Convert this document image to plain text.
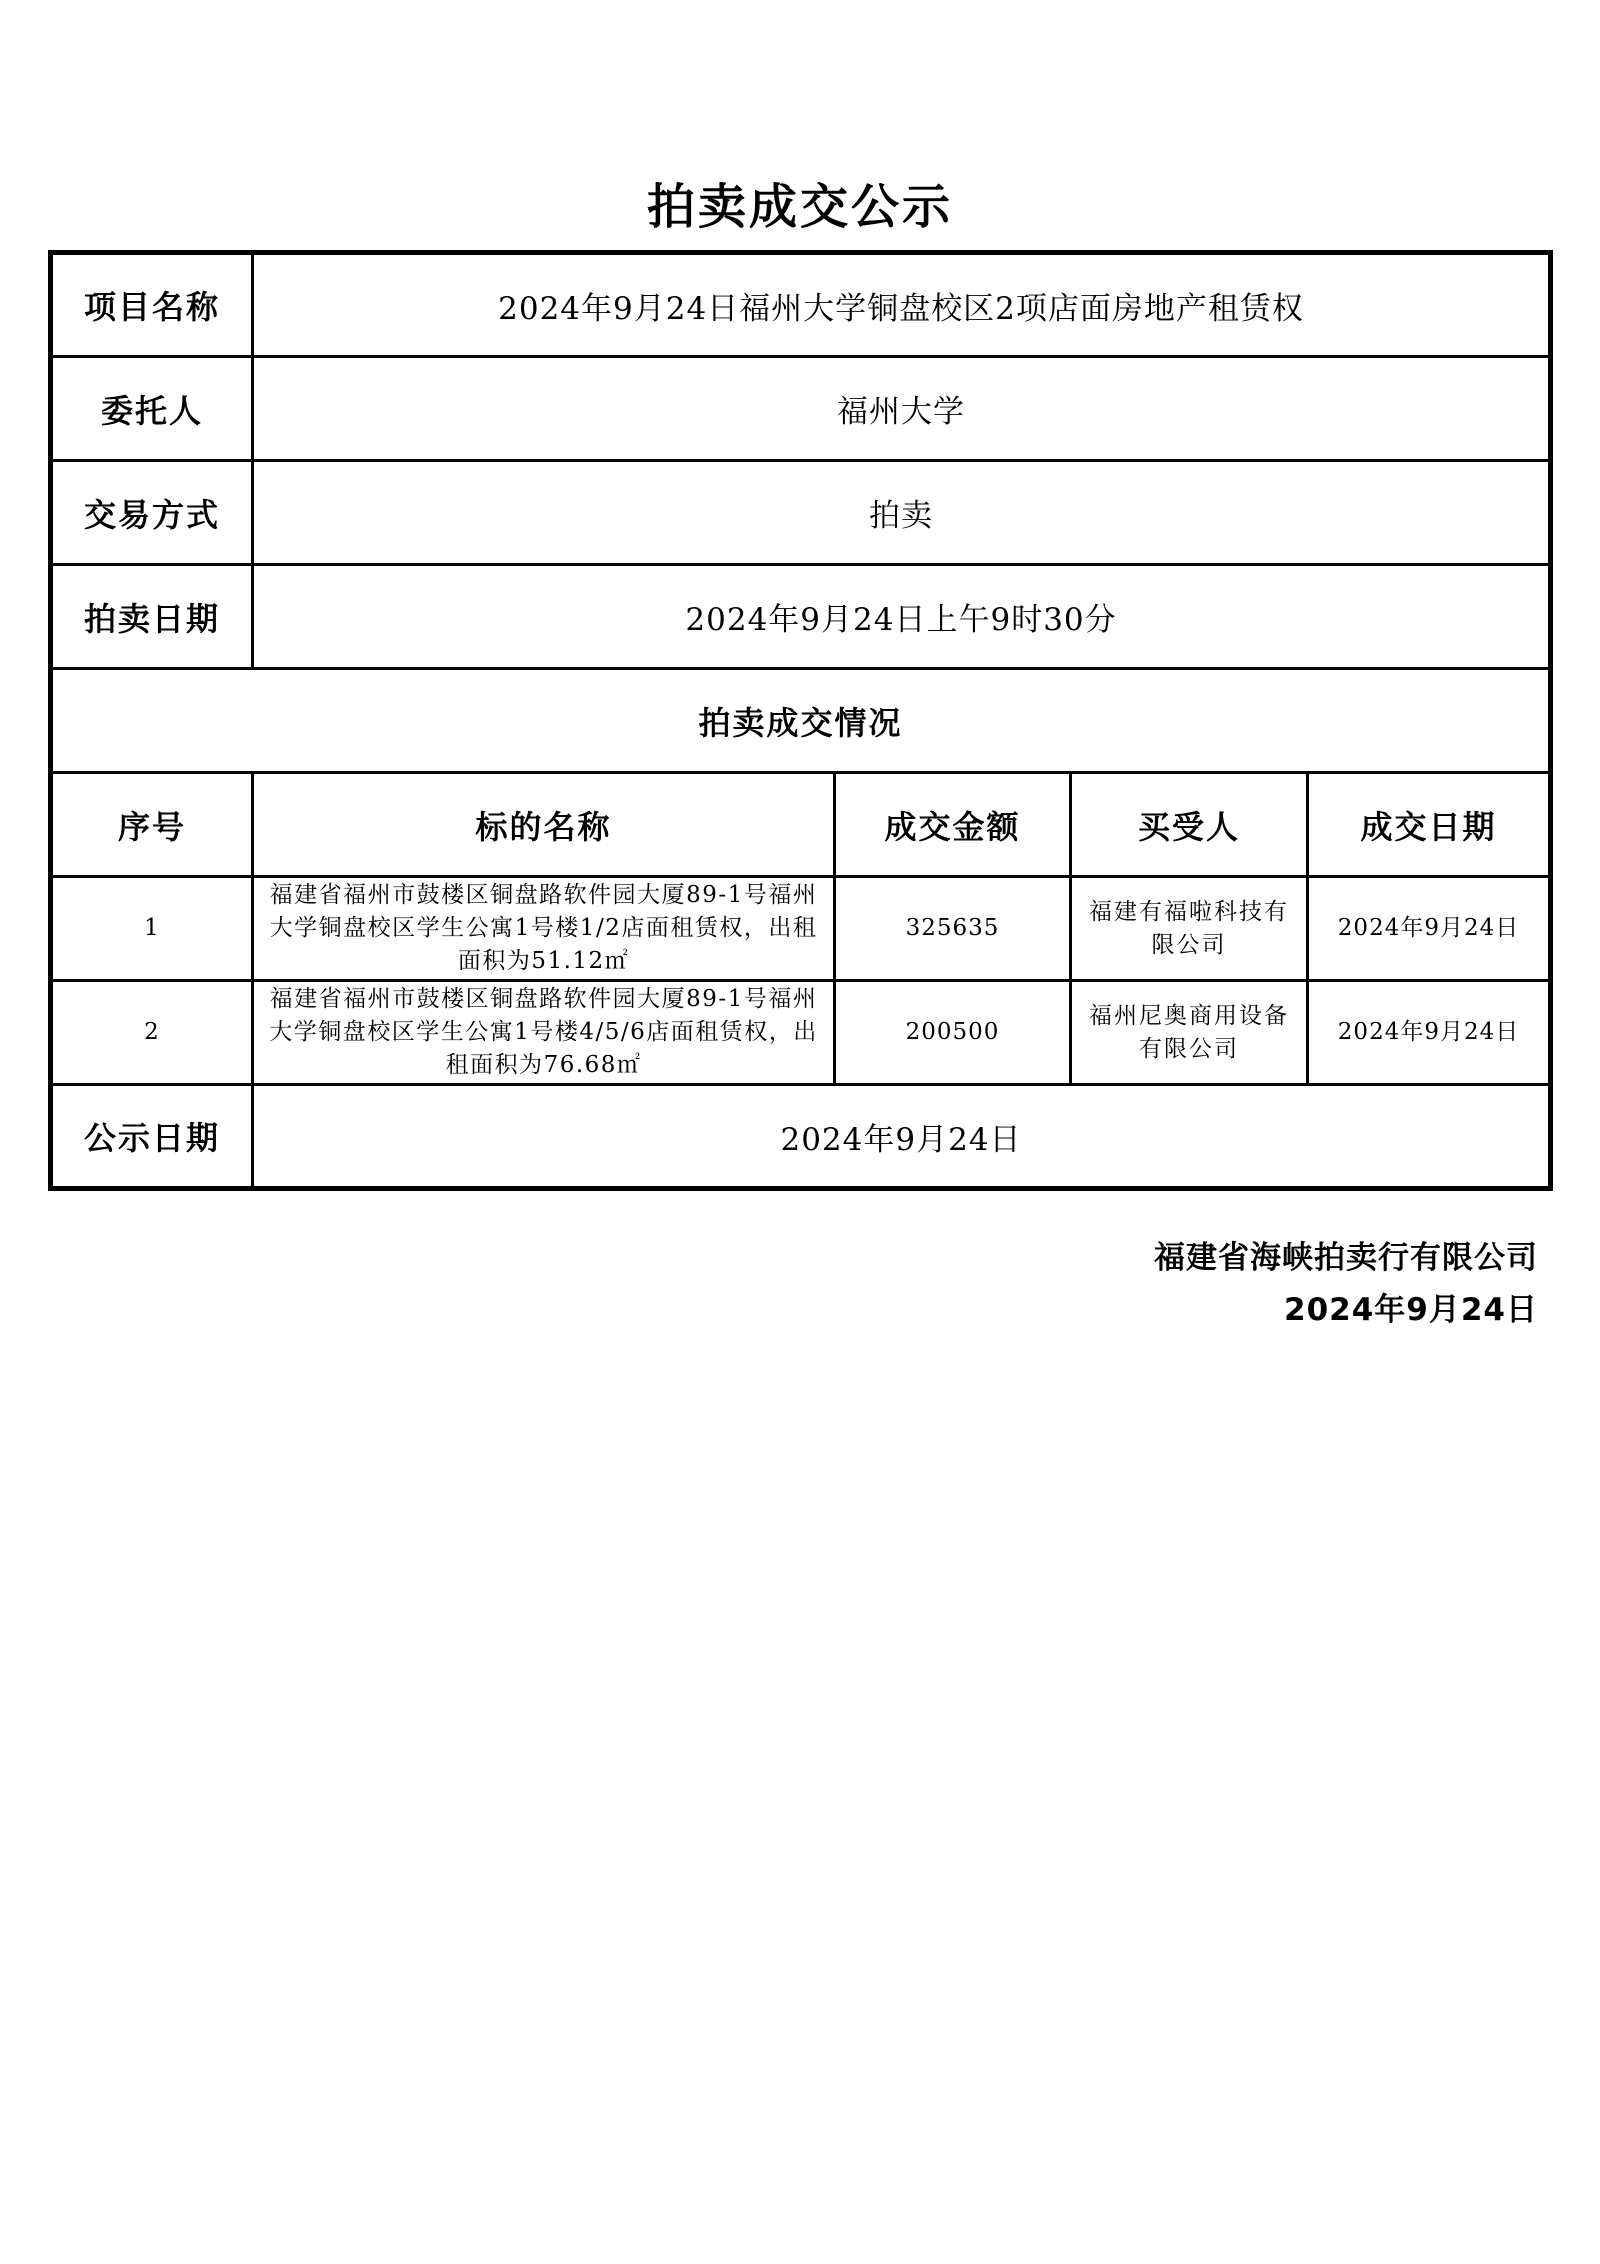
拍卖成交公示
项目名称	2024年9月24日福州大学铜盘校区2项店面房地产租赁权			
委托人	福州大学			
交易方式	拍卖			
拍卖日期	2024年9月24日上午9时30分			
拍卖成交情况				
序号	标的名称	成交金额	买受人	成交日期
1	福建省福州市鼓楼区铜盘路软件园大厦89-1号福州大学铜盘校区学生公寓1号楼1/2店面租赁权，出租面积为51.12㎡	325635	福建有福啦科技有限公司	2024年9月24日
2	福建省福州市鼓楼区铜盘路软件园大厦89-1号福州大学铜盘校区学生公寓1号楼4/5/6店面租赁权，出租面积为76.68㎡	200500	福州尼奥商用设备有限公司	2024年9月24日
公示日期	2024年9月24日			
福建省海峡拍卖行有限公司
2024年9月24日
